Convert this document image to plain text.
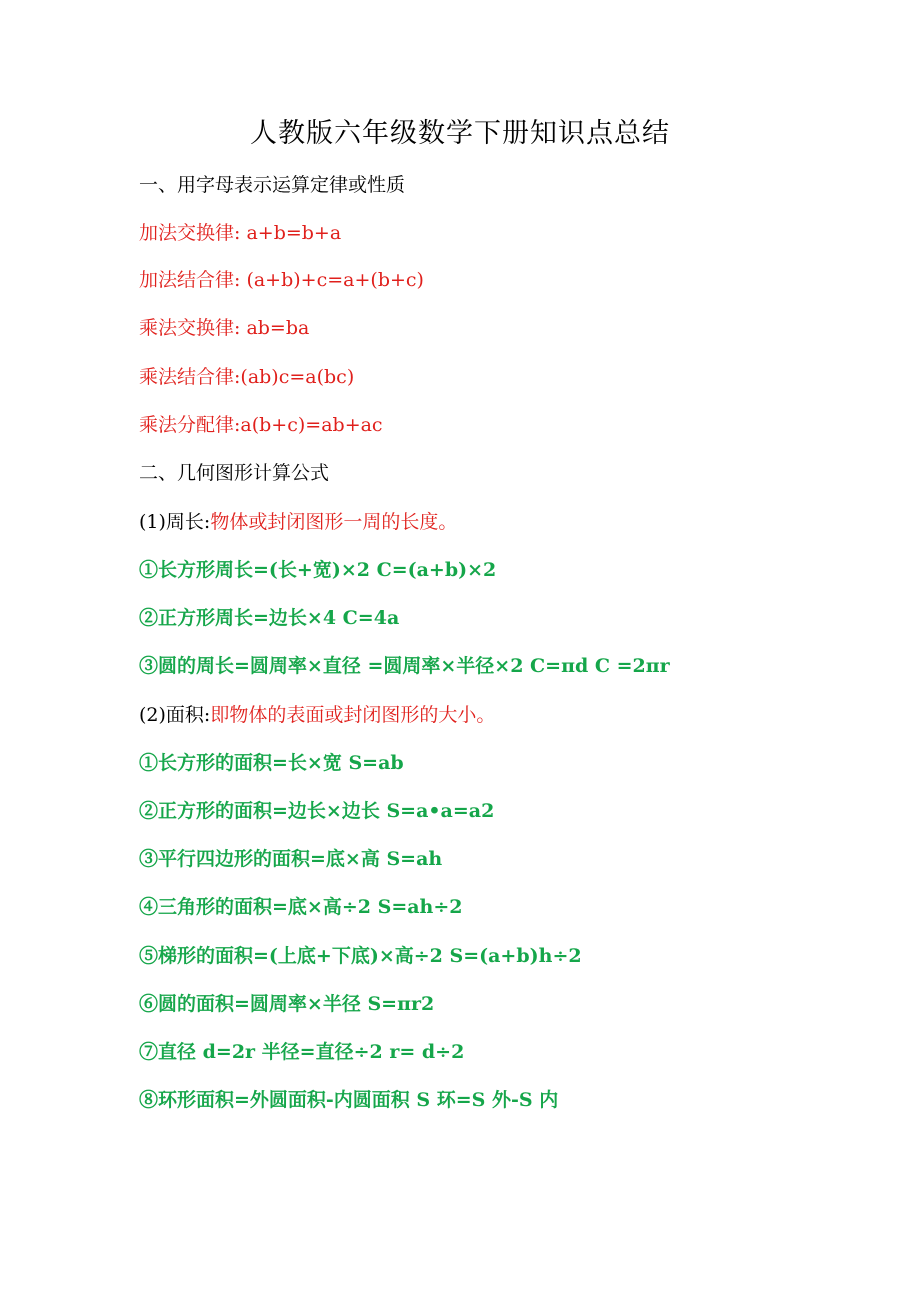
人教版六年级数学下册知识点总结
一、用字母表示运算定律或性质
加法交换律: a+b=b+a
加法结合律: (a+b)+c=a+(b+c)
乘法交换律: ab=ba
乘法结合律:(ab)c=a(bc)
乘法分配律:a(b+c)=ab+ac
二、几何图形计算公式
(1)周长:物体或封闭图形一周的长度。
①长方形周长=(长+宽)×2 C=(a+b)×2
②正方形周长=边长×4 C=4a
③圆的周长=圆周率×直径 =圆周率×半径×2 C=πd C =2πr
(2)面积:即物体的表面或封闭图形的大小。
①长方形的面积=长×宽 S=ab
②正方形的面积=边长×边长 S=a•a=a2
③平行四边形的面积=底×高 S=ah
④三角形的面积=底×高÷2 S=ah÷2
⑤梯形的面积=(上底+下底)×高÷2 S=(a+b)h÷2
⑥圆的面积=圆周率×半径 S=πr2
⑦直径 d=2r 半径=直径÷2 r= d÷2
⑧环形面积=外圆面积-内圆面积 S 环=S 外-S 内
